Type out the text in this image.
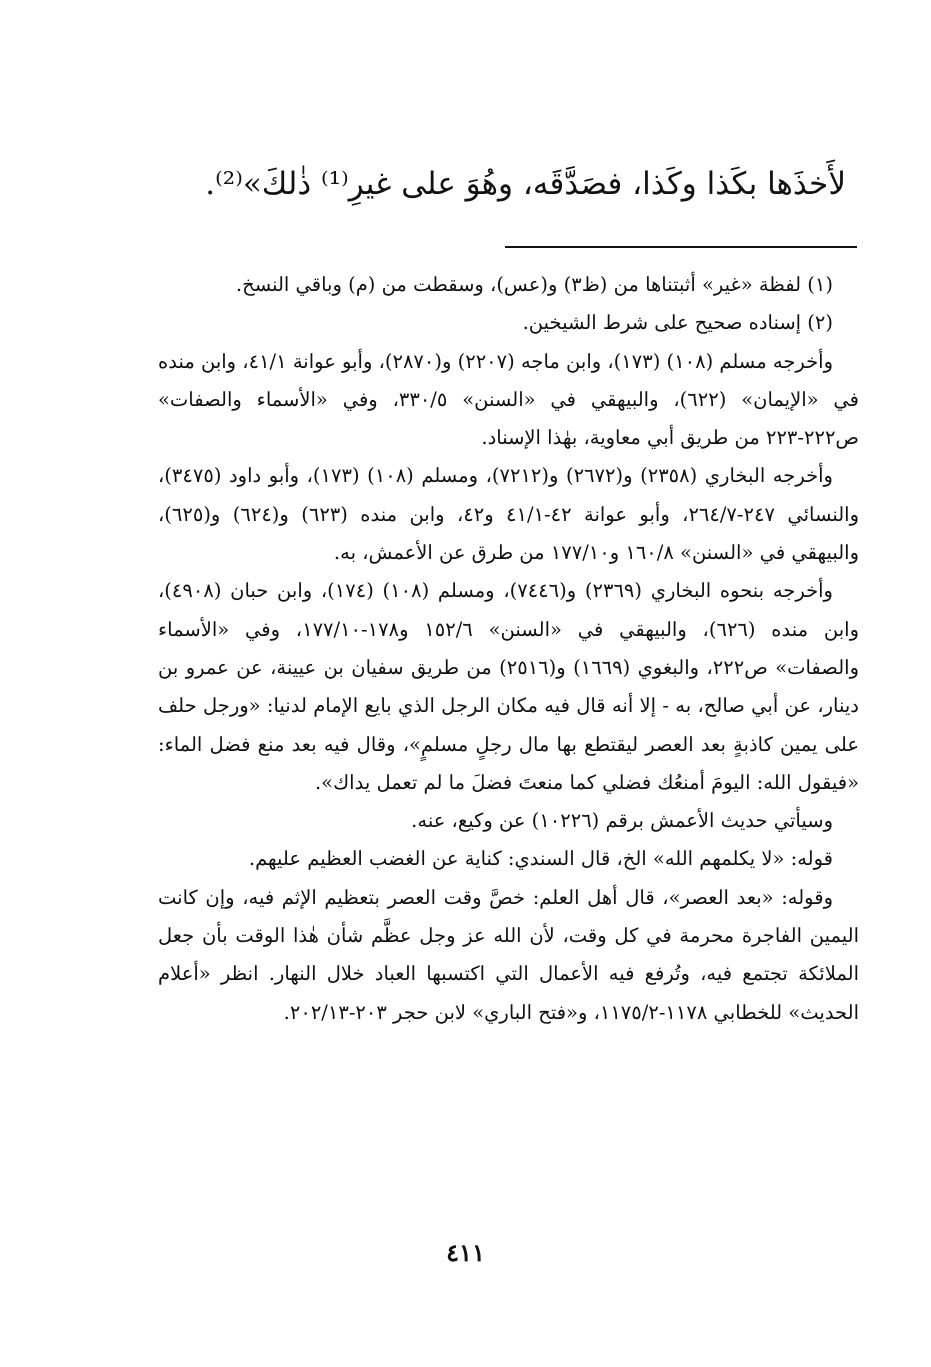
لأَخذَها بكَذا وكَذا، فصَدَّقَه، وهُوَ على غيرِ⁽¹⁾ ذٰلكَ»⁽²⁾.

(١) لفظة «غير» أثبتناها من (ظ٣) و(عس)، وسقطت من (م) وباقي النسخ.

(٢) إسناده صحيح على شرط الشيخين.

وأخرجه مسلم (١٠٨) (١٧٣)، وابن ماجه (٢٢٠٧) و(٢٨٧٠)، وأبو عوانة ٤١/١، وابن منده في «الإيمان» (٦٢٢)، والبيهقي في «السنن» ٣٣٠/٥، وفي «الأسماء والصفات» ص٢٢٢-٢٢٣ من طريق أبي معاوية، بهٰذا الإسناد.

وأخرجه البخاري (٢٣٥٨) و(٢٦٧٢) و(٧٢١٢)، ومسلم (١٠٨) (١٧٣)، وأبو داود (٣٤٧٥)، والنسائي ٢٤٧-٢٦٤/٧، وأبو عوانة ٤٢-٤١/١ و٤٢، وابن منده (٦٢٣) و(٦٢٤) و(٦٢٥)، والبيهقي في «السنن» ١٦٠/٨ و١٧٧/١٠ من طرق عن الأعمش، به.

وأخرجه بنحوه البخاري (٢٣٦٩) و(٧٤٤٦)، ومسلم (١٠٨) (١٧٤)، وابن حبان (٤٩٠٨)، وابن منده (٦٢٦)، والبيهقي في «السنن» ١٥٢/٦ و١٧٨-١٧٧/١٠، وفي «الأسماء والصفات» ص٢٢٢، والبغوي (١٦٦٩) و(٢٥١٦) من طريق سفيان بن عيينة، عن عمرو بن دينار، عن أبي صالح، به - إلا أنه قال فيه مكان الرجل الذي بايع الإمام لدنيا: «ورجل حلف على يمين كاذبةٍ بعد العصر ليقتطع بها مال رجلٍ مسلمٍ»، وقال فيه بعد منع فضل الماء: «فيقول الله: اليومَ أمنعُك فضلي كما منعتَ فضلَ ما لم تعمل يداك».

وسيأتي حديث الأعمش برقم (١٠٢٢٦) عن وكيع، عنه.

قوله: «لا يكلمهم الله» الخ، قال السندي: كناية عن الغضب العظيم عليهم.

وقوله: «بعد العصر»، قال أهل العلم: خصَّ وقت العصر بتعظيم الإثم فيه، وإن كانت اليمين الفاجرة محرمة في كل وقت، لأن الله عز وجل عظَّم شأن هٰذا الوقت بأن جعل الملائكة تجتمع فيه، وتُرفع فيه الأعمال التي اكتسبها العباد خلال النهار. انظر «أعلام الحديث» للخطابي ١١٧٨-١١٧٥/٢، و«فتح الباري» لابن حجر ٢٠٣-٢٠٢/١٣.

٤١١
